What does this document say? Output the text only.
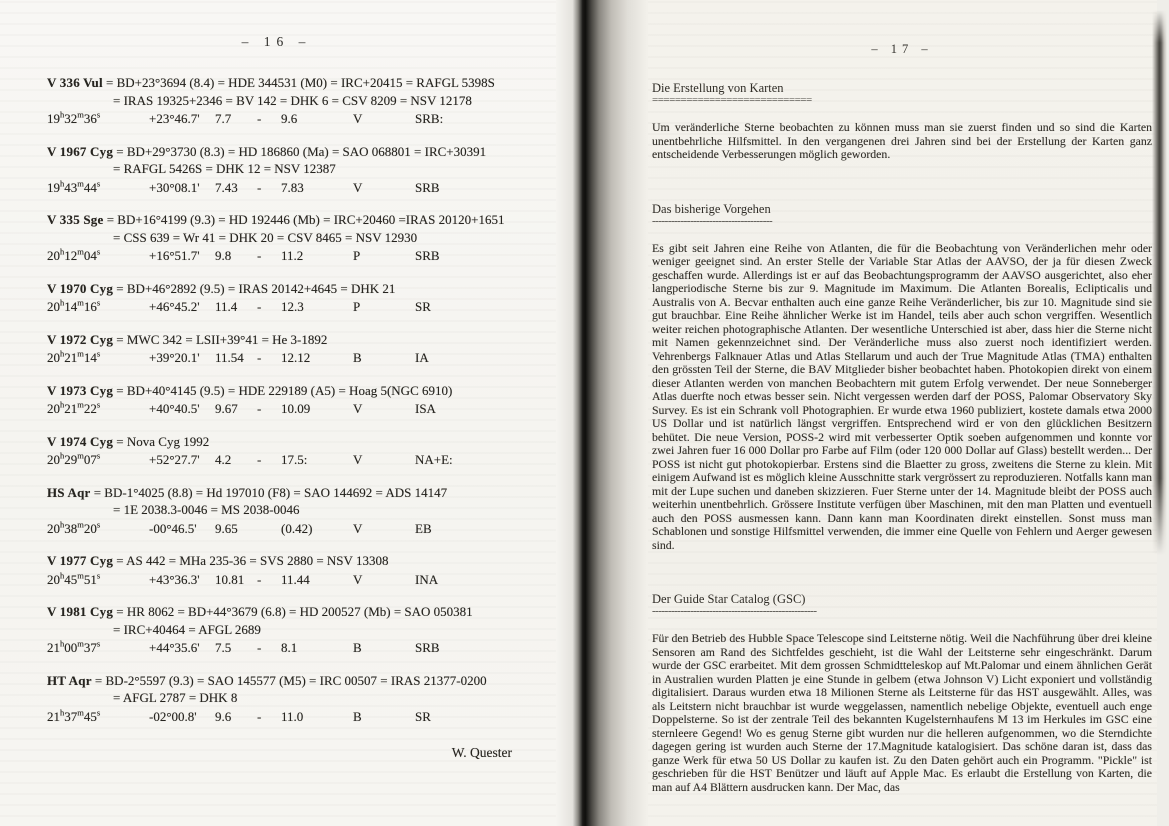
– 16 –
V 336 Vul = BD+23°3694 (8.4) = HDE 344531 (M0) = IRC+20415 = RAFGL 5398S
= IRAS 19325+2346 = BV 142 = DHK 6 = CSV 8209 = NSV 12178
$19^h32^m36^s$	+23°46.7' 7.7 - 9.6	V	SRB:
V 1967 Cyg = BD+29°3730 (8.3) = HD 186860 (Ma) = SAO 068801 = IRC+30391
= RAFGL 5426S = DHK 12 = NSV 12387
$19^h43^m44^s$	+30°08.1' 7.43 - 7.83	V	SRB
V 335 Sge = BD+16°4199 (9.3) = HD 192446 (Mb) = IRC+20460 =IRAS 20120+1651
= CSS 639 = Wr 41 = DHK 20 = CSV 8465 = NSV 12930
$20^h12^m04^s$	+16°51.7' 9.8 - 11.2	P	SRB
V 1970 Cyg = BD+46°2892 (9.5) = IRAS 20142+4645 = DHK 21
$20^h14^m16^s$	+46°45.2' 11.4 - 12.3	P	SR
V 1972 Cyg = MWC 342 = LSII+39°41 = He 3-1892
$20^h21^m14^s$	+39°20.1' 11.54 - 12.12	B	IA
V 1973 Cyg = BD+40°4145 (9.5) = HDE 229189 (A5) = Hoag 5(NGC 6910)
$20^h21^m22^s$	+40°40.5' 9.67 - 10.09	V	ISA
V 1974 Cyg = Nova Cyg 1992
$20^h29^m07^s$	+52°27.7' 4.2 - 17.5:	V	NA+E:
HS Aqr = BD-1°4025 (8.8) = Hd 197010 (F8) = SAO 144692 = ADS 14147
= 1E 2038.3-0046 = MS 2038-0046
20$^h$38$^m$20$^s$	-00°46.5' 9.65	(0.42)	V	EB
V 1977 Cyg = AS 442 = MHa 235-36 = SVS 2880 = NSV 13308
$20^h45^m51^s$	+43°36.3' 10.81 - 11.44	V	INA
V 1981 Cyg = HR 8062 = BD+44°3679 (6.8) = HD 200527 (Mb) = SAO 050381
= IRC+40464 = AFGL 2689
$21^h00^m37^s$	+44°35.6' 7.5 - 8.1	B	SRB
HT Aqr = BD-2°5597 (9.3) = SAO 145577 (M5) = IRC 00507 = IRAS 21377-0200
= AFGL 2787 = DHK 8
21$^h$37$^m$45$^s$	-02°00.8' 9.6 - 11.0	B	SR
W. Quester
– 17 –
Die Erstellung von Karten
============================

Um veränderliche Sterne beobachten zu können muss man sie zuerst finden und so sind die Karten unentbehrliche Hilfsmittel. In den vergangenen drei Jahren sind bei der Erstellung der Karten ganz entscheidende Verbesserungen möglich geworden.

Das bisherige Vorgehen
--------------------------------------

Es gibt seit Jahren eine Reihe von Atlanten, die für die Beobachtung von Veränderlichen mehr oder weniger geeignet sind. An erster Stelle der Variable Star Atlas der AAVSO, der ja für diesen Zweck geschaffen wurde. Allerdings ist er auf das Beobachtungsprogramm der AAVSO ausgerichtet, also eher langperiodische Sterne bis zur 9. Magnitude im Maximum. Die Atlanten Borealis, Eclipticalis und Australis von A. Becvar enthalten auch eine ganze Reihe Veränderlicher, bis zur 10. Magnitude sind sie gut brauchbar. Eine Reihe ähnlicher Werke ist im Handel, teils aber auch schon vergriffen. Wesentlich weiter reichen photographische Atlanten. Der wesentliche Unterschied ist aber, dass hier die Sterne nicht mit Namen gekennzeichnet sind. Der Veränderliche muss also zuerst noch identifiziert werden. Vehrenbergs Falknauer Atlas und Atlas Stellarum und auch der True Magnitude Atlas (TMA) enthalten den grössten Teil der Sterne, die BAV Mitglieder bisher beobachtet haben. Photokopien direkt von einem dieser Atlanten werden von manchen Beobachtern mit gutem Erfolg verwendet. Der neue Sonneberger Atlas duerfte noch etwas besser sein. Nicht vergessen werden darf der POSS, Palomar Observatory Sky Survey. Es ist ein Schrank voll Photographien. Er wurde etwa 1960 publiziert, kostete damals etwa 2000 US Dollar und ist natürlich längst vergriffen. Entsprechend wird er von den glücklichen Besitzern behütet. Die neue Version, POSS-2 wird mit verbesserter Optik soeben aufgenommen und konnte vor zwei Jahren fuer 16 000 Dollar pro Farbe auf Film (oder 120 000 Dollar auf Glass) bestellt werden... Der POSS ist nicht gut photokopierbar. Erstens sind die Blaetter zu gross, zweitens die Sterne zu klein. Mit einigem Aufwand ist es möglich kleine Ausschnitte stark vergrössert zu reproduzieren. Notfalls kann man mit der Lupe suchen und daneben skizzieren. Fuer Sterne unter der 14. Magnitude bleibt der POSS auch weiterhin unentbehrlich. Grössere Institute verfügen über Maschinen, mit den man Platten und eventuell auch den POSS ausmessen kann. Dann kann man Koordinaten direkt einstellen. Sonst muss man Schablonen und sonstige Hilfsmittel verwenden, die immer eine Quelle von Fehlern und Aerger gewesen sind.

Der Guide Star Catalog (GSC)
----------------------------------------------------

Für den Betrieb des Hubble Space Telescope sind Leitsterne nötig. Weil die Nachführung über drei kleine Sensoren am Rand des Sichtfeldes geschieht, ist die Wahl der Leitsterne sehr eingeschränkt. Darum wurde der GSC erarbeitet. Mit dem grossen Schmidtteleskop auf Mt.Palomar und einem ähnlichen Gerät in Australien wurden Platten je eine Stunde in gelbem (etwa Johnson V) Licht exponiert und vollständig digitalisiert. Daraus wurden etwa 18 Milionen Sterne als Leitsterne für das HST ausgewählt. Alles, was als Leitstern nicht brauchbar ist wurde weggelassen, namentlich nebelige Objekte, eventuell auch enge Doppelsterne. So ist der zentrale Teil des bekannten Kugelsternhaufens M 13 im Herkules im GSC eine sternleere Gegend! Wo es genug Sterne gibt wurden nur die helleren aufgenommen, wo die Sterndichte dagegen gering ist wurden auch Sterne der 17.Magnitude katalogisiert. Das schöne daran ist, dass das ganze Werk für etwa 50 US Dollar zu kaufen ist. Zu den Daten gehört auch ein Programm. "Pickle" ist geschrieben für die HST Benützer und läuft auf Apple Mac. Es erlaubt die Erstellung von Karten, die man auf A4 Blättern ausdrucken kann. Der Mac, das
